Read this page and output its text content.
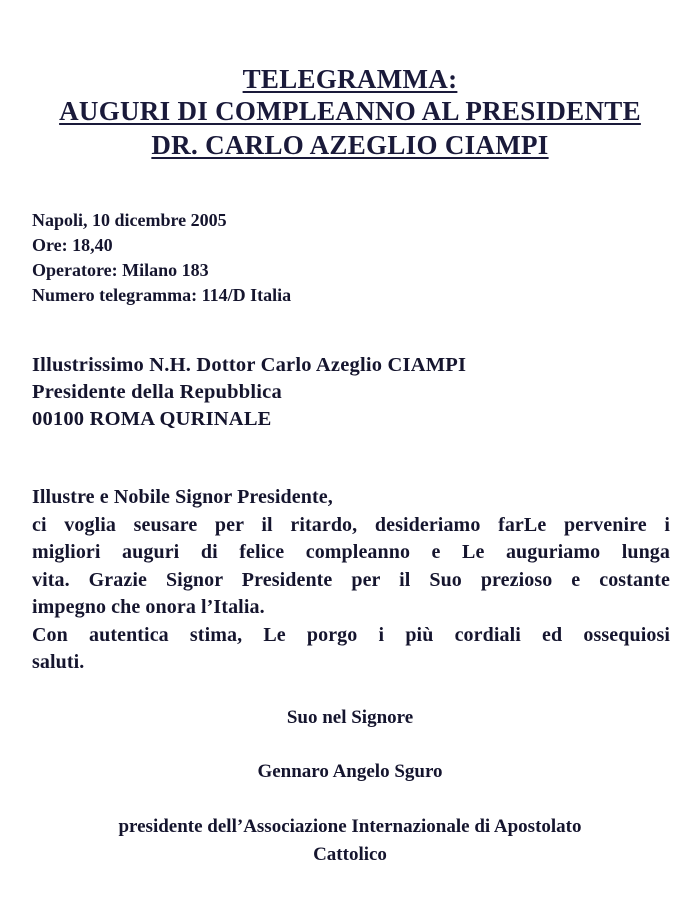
TELEGRAMMA:
AUGURI DI COMPLEANNO AL PRESIDENTE
DR. CARLO AZEGLIO CIAMPI
Napoli, 10 dicembre 2005
Ore: 18,40
Operatore: Milano 183
Numero telegramma: 114/D Italia
Illustrissimo N.H. Dottor Carlo Azeglio CIAMPI
Presidente della Repubblica
00100 ROMA QURINALE
Illustre e Nobile Signor Presidente,
ci voglia seusare per il ritardo, desideriamo farLe pervenire i
migliori auguri di felice compleanno e Le auguriamo lunga
vita. Grazie Signor Presidente per il Suo prezioso e costante
impegno che onora l’Italia.
Con autentica stima, Le porgo i più cordiali ed ossequiosi
saluti.
Suo nel Signore
Gennaro Angelo Sguro
presidente dell’Associazione Internazionale di Apostolato
Cattolico
